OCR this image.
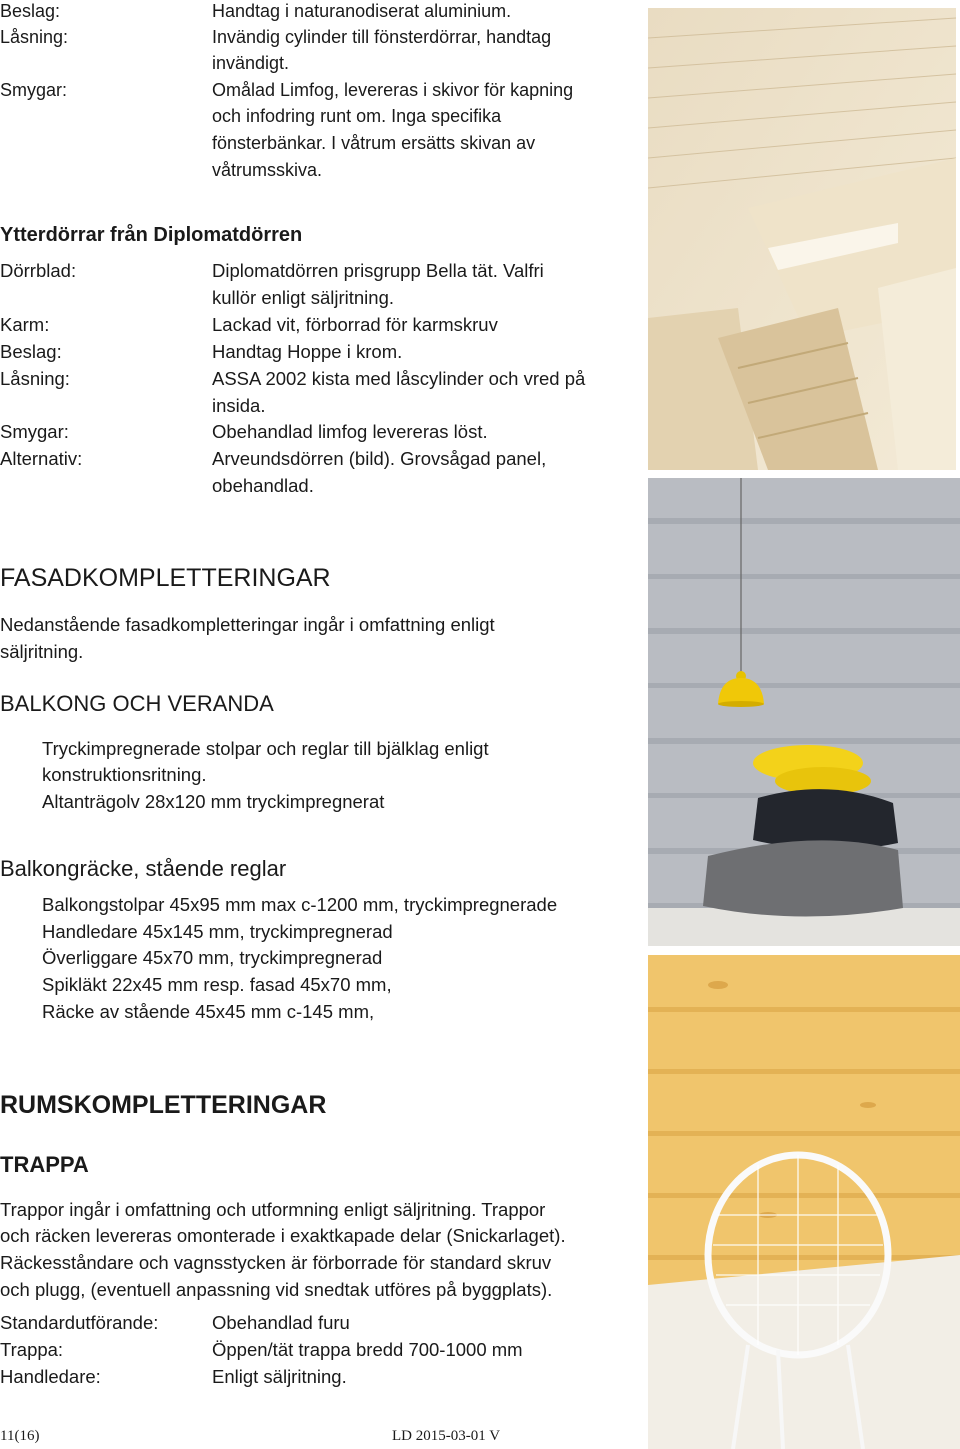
Beslag:	Handtag i naturanodiserat aluminium.
Låsning:	Invändig cylinder till fönsterdörrar, handtag
invändigt.
Smygar:	Omålad Limfog, levereras i skivor för kapning
och infodring runt om. Inga specifika
fönsterbänkar. I våtrum ersätts skivan av
våtrumsskiva.
Ytterdörrar från Diplomatdörren
Dörrblad:	Diplomatdörren prisgrupp Bella tät. Valfri
kullör enligt säljritning.
Karm:	Lackad vit, förborrad för karmskruv
Beslag:	Handtag Hoppe i krom.
Låsning:	ASSA 2002 kista med låscylinder och vred på
insida.
Smygar:	Obehandlad limfog levereras löst.
Alternativ:	Arveundsdörren (bild). Grovsågad panel,
obehandlad.
FASADKOMPLETTERINGAR
Nedanstående fasadkompletteringar ingår i omfattning enligt
säljritning.
BALKONG OCH VERANDA
Tryckimpregnerade stolpar och reglar till bjälklag enligt
konstruktionsritning.
Altanträgolv 28x120 mm tryckimpregnerat
Balkongräcke, stående reglar
Balkongstolpar 45x95 mm max c-1200 mm, tryckimpregnerade
Handledare 45x145 mm, tryckimpregnerad
Överliggare 45x70 mm, tryckimpregnerad
Spikläkt 22x45 mm resp. fasad 45x70 mm,
Räcke av stående 45x45 mm c-145 mm,
RUMSKOMPLETTERINGAR
TRAPPA
Trappor ingår i omfattning och utformning enligt säljritning. Trappor
och räcken levereras omonterade i exaktkapade delar (Snickarlaget).
Räckesståndare och vagnsstycken är förborrade för standard skruv
och plugg, (eventuell anpassning vid snedtak utföres på byggplats).
Standardutförande:	Obehandlad furu
Trappa:	Öppen/tät trappa bredd 700-1000 mm
Handledare:	Enligt säljritning.
11(16)	LD 2015-03-01 V
